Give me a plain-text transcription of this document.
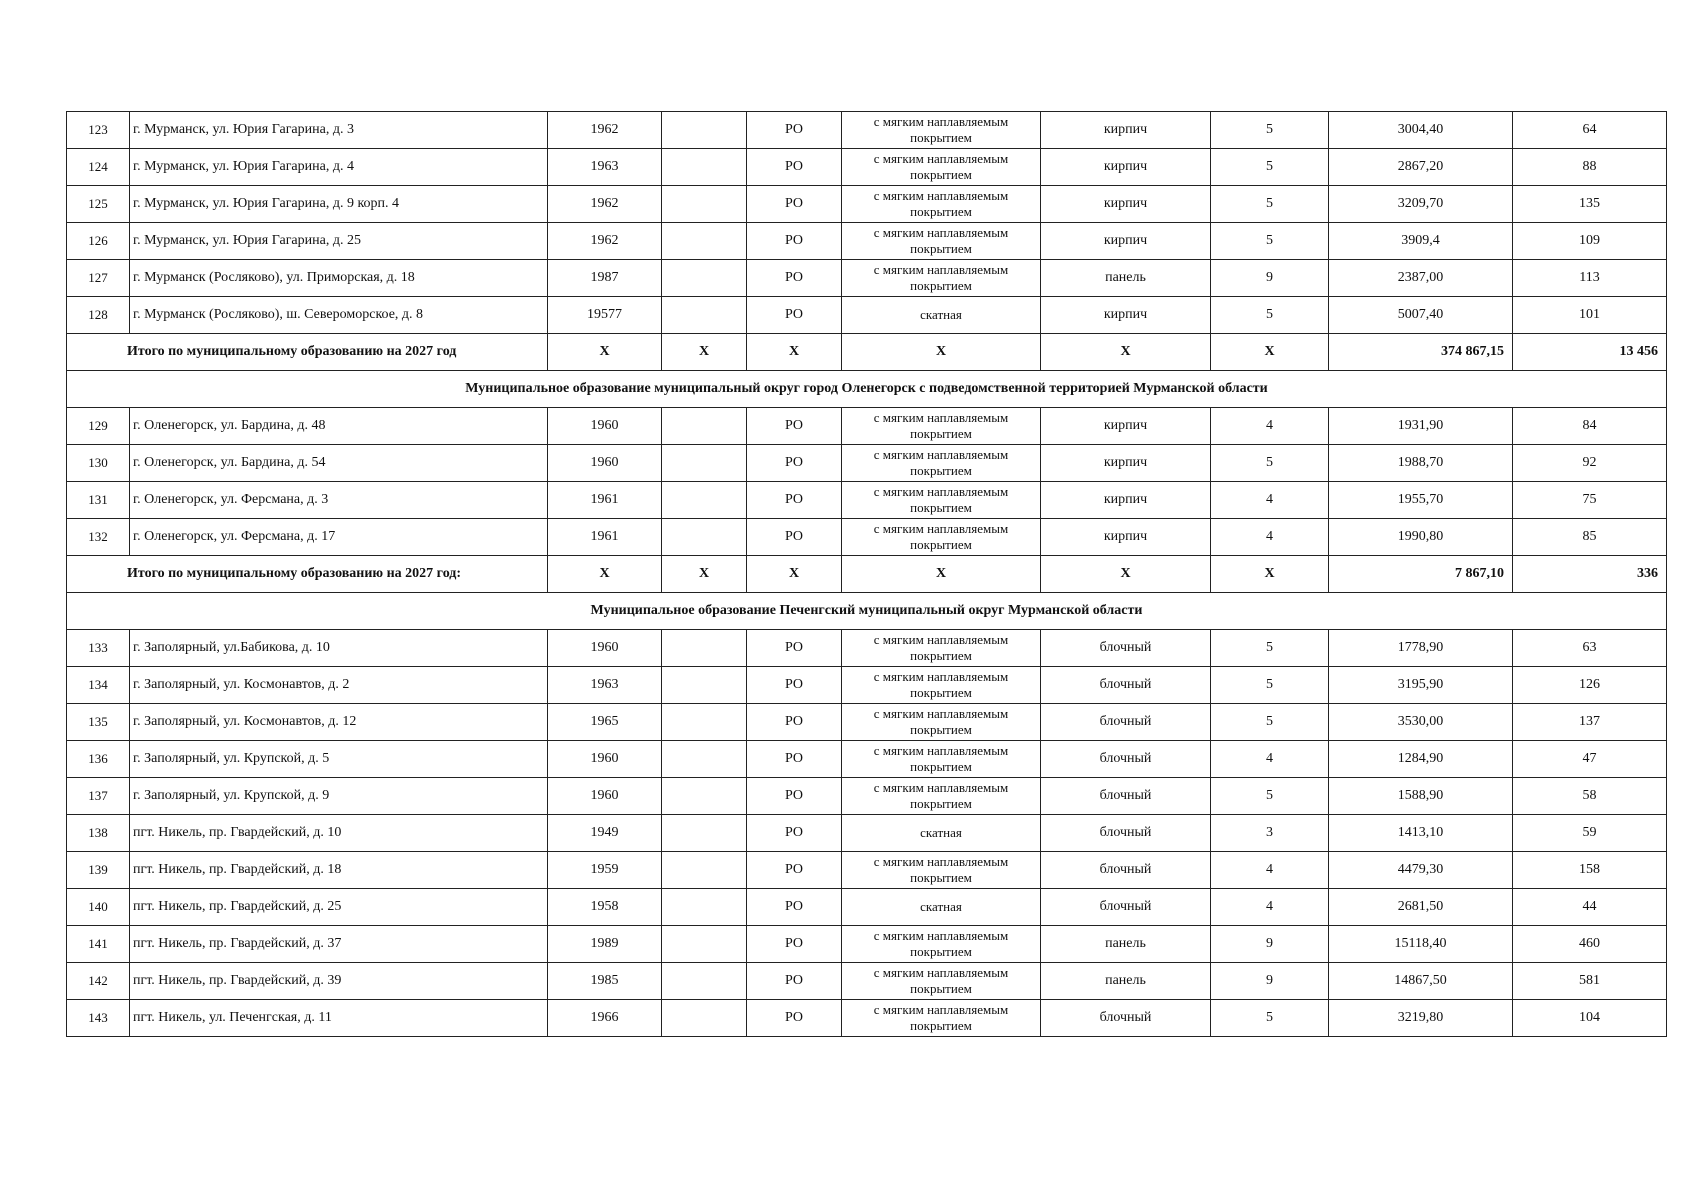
123	г. Мурманск, ул. Юрия Гагарина, д. 3	1962		РО	с мягким наплавляемым покрытием	кирпич	5	3004,40	64
124	г. Мурманск, ул. Юрия Гагарина, д. 4	1963		РО	с мягким наплавляемым покрытием	кирпич	5	2867,20	88
125	г. Мурманск, ул. Юрия Гагарина, д. 9 корп. 4	1962		РО	с мягким наплавляемым покрытием	кирпич	5	3209,70	135
126	г. Мурманск, ул. Юрия Гагарина, д. 25	1962		РО	с мягким наплавляемым покрытием	кирпич	5	3909,4	109
127	г. Мурманск (Росляково), ул. Приморская, д. 18	1987		РО	с мягким наплавляемым покрытием	панель	9	2387,00	113
128	г. Мурманск (Росляково), ш. Североморское, д. 8	19577		РО	скатная	кирпич	5	5007,40	101
Итого по муниципальному образованию на 2027 год		X	X	X	X	X	X	374 867,15	13 456
Муниципальное образование муниципальный округ город Оленегорск с подведомственной территорией Мурманской области									
129	г. Оленегорск, ул. Бардина, д. 48	1960		РО	с мягким наплавляемым покрытием	кирпич	4	1931,90	84
130	г. Оленегорск, ул. Бардина, д. 54	1960		РО	с мягким наплавляемым покрытием	кирпич	5	1988,70	92
131	г. Оленегорск, ул. Ферсмана, д. 3	1961		РО	с мягким наплавляемым покрытием	кирпич	4	1955,70	75
132	г. Оленегорск, ул. Ферсмана, д. 17	1961		РО	с мягким наплавляемым покрытием	кирпич	4	1990,80	85
Итого по муниципальному образованию на 2027 год:		X	X	X	X	X	X	7 867,10	336
Муниципальное образование Печенгский муниципальный округ Мурманской области									
133	г. Заполярный, ул.Бабикова, д. 10	1960		РО	с мягким наплавляемым покрытием	блочный	5	1778,90	63
134	г. Заполярный, ул. Космонавтов, д. 2	1963		РО	с мягким наплавляемым покрытием	блочный	5	3195,90	126
135	г. Заполярный, ул. Космонавтов, д. 12	1965		РО	с мягким наплавляемым покрытием	блочный	5	3530,00	137
136	г. Заполярный, ул. Крупской, д. 5	1960		РО	с мягким наплавляемым покрытием	блочный	4	1284,90	47
137	г. Заполярный, ул. Крупской, д. 9	1960		РО	с мягким наплавляемым покрытием	блочный	5	1588,90	58
138	пгт. Никель, пр. Гвардейский, д. 10	1949		РО	скатная	блочный	3	1413,10	59
139	пгт. Никель, пр. Гвардейский, д. 18	1959		РО	с мягким наплавляемым покрытием	блочный	4	4479,30	158
140	пгт. Никель, пр. Гвардейский, д. 25	1958		РО	скатная	блочный	4	2681,50	44
141	пгт. Никель, пр. Гвардейский, д. 37	1989		РО	с мягким наплавляемым покрытием	панель	9	15118,40	460
142	пгт. Никель, пр. Гвардейский, д. 39	1985		РО	с мягким наплавляемым покрытием	панель	9	14867,50	581
143	пгт. Никель, ул. Печенгская, д. 11	1966		РО	с мягким наплавляемым покрытием	блочный	5	3219,80	104
